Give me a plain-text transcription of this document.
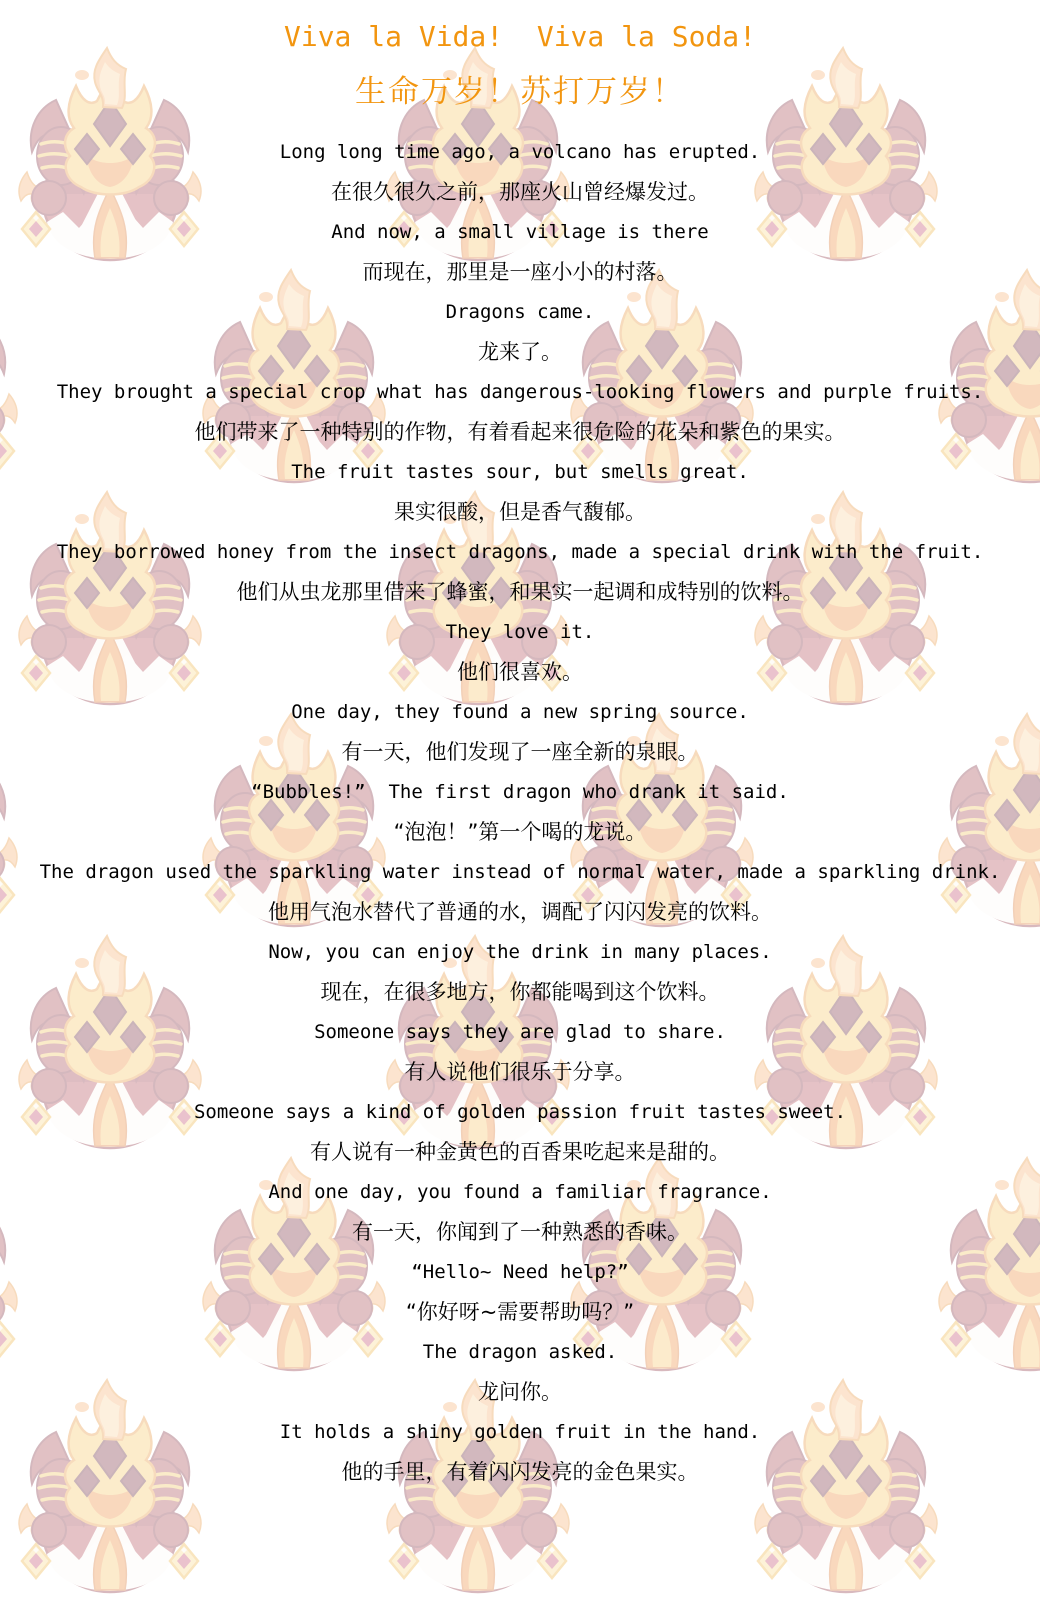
Viva la Vida!  Viva la Soda!
生命万岁！苏打万岁！

Long long time ago, a volcano has erupted.

在很久很久之前，那座火山曾经爆发过。

And now, a small village is there

而现在，那里是一座小小的村落。

Dragons came.

龙来了。

They brought a special crop what has dangerous-looking flowers and purple fruits.

他们带来了一种特别的作物，有着看起来很危险的花朵和紫色的果实。

The fruit tastes sour, but smells great.

果实很酸，但是香气馥郁。

They borrowed honey from the insect dragons, made a special drink with the fruit.

他们从虫龙那里借来了蜂蜜，和果实一起调和成特别的饮料。

They love it.

他们很喜欢。

One day, they found a new spring source.

有一天，他们发现了一座全新的泉眼。

“Bubbles!”  The first dragon who drank it said.

“泡泡！”第一个喝的龙说。

The dragon used the sparkling water instead of normal water, made a sparkling drink.

他用气泡水替代了普通的水，调配了闪闪发亮的饮料。

Now, you can enjoy the drink in many places.

现在，在很多地方，你都能喝到这个饮料。

Someone says they are glad to share.

有人说他们很乐于分享。

Someone says a kind of golden passion fruit tastes sweet.

有人说有一种金黄色的百香果吃起来是甜的。

And one day, you found a familiar fragrance.

有一天，你闻到了一种熟悉的香味。

“Hello~ Need help?”

“你好呀~需要帮助吗？”

The dragon asked.

龙问你。

It holds a shiny golden fruit in the hand.

他的手里，有着闪闪发亮的金色果实。
